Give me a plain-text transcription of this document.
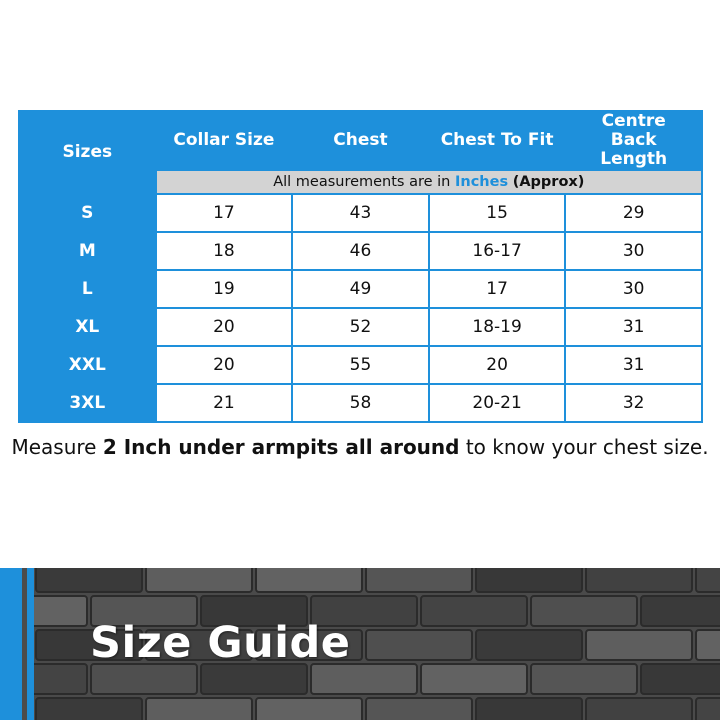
Sizes	Collar Size	Chest	Chest To Fit	Centre Back Length
	All measurements are in Inches (Approx)			
S	17	43	15	29
M	18	46	16-17	30
L	19	49	17	30
XL	20	52	18-19	31
XXL	20	55	20	31
3XL	21	58	20-21	32
Measure 2 Inch under armpits all around to know your chest size.
Size Guide
